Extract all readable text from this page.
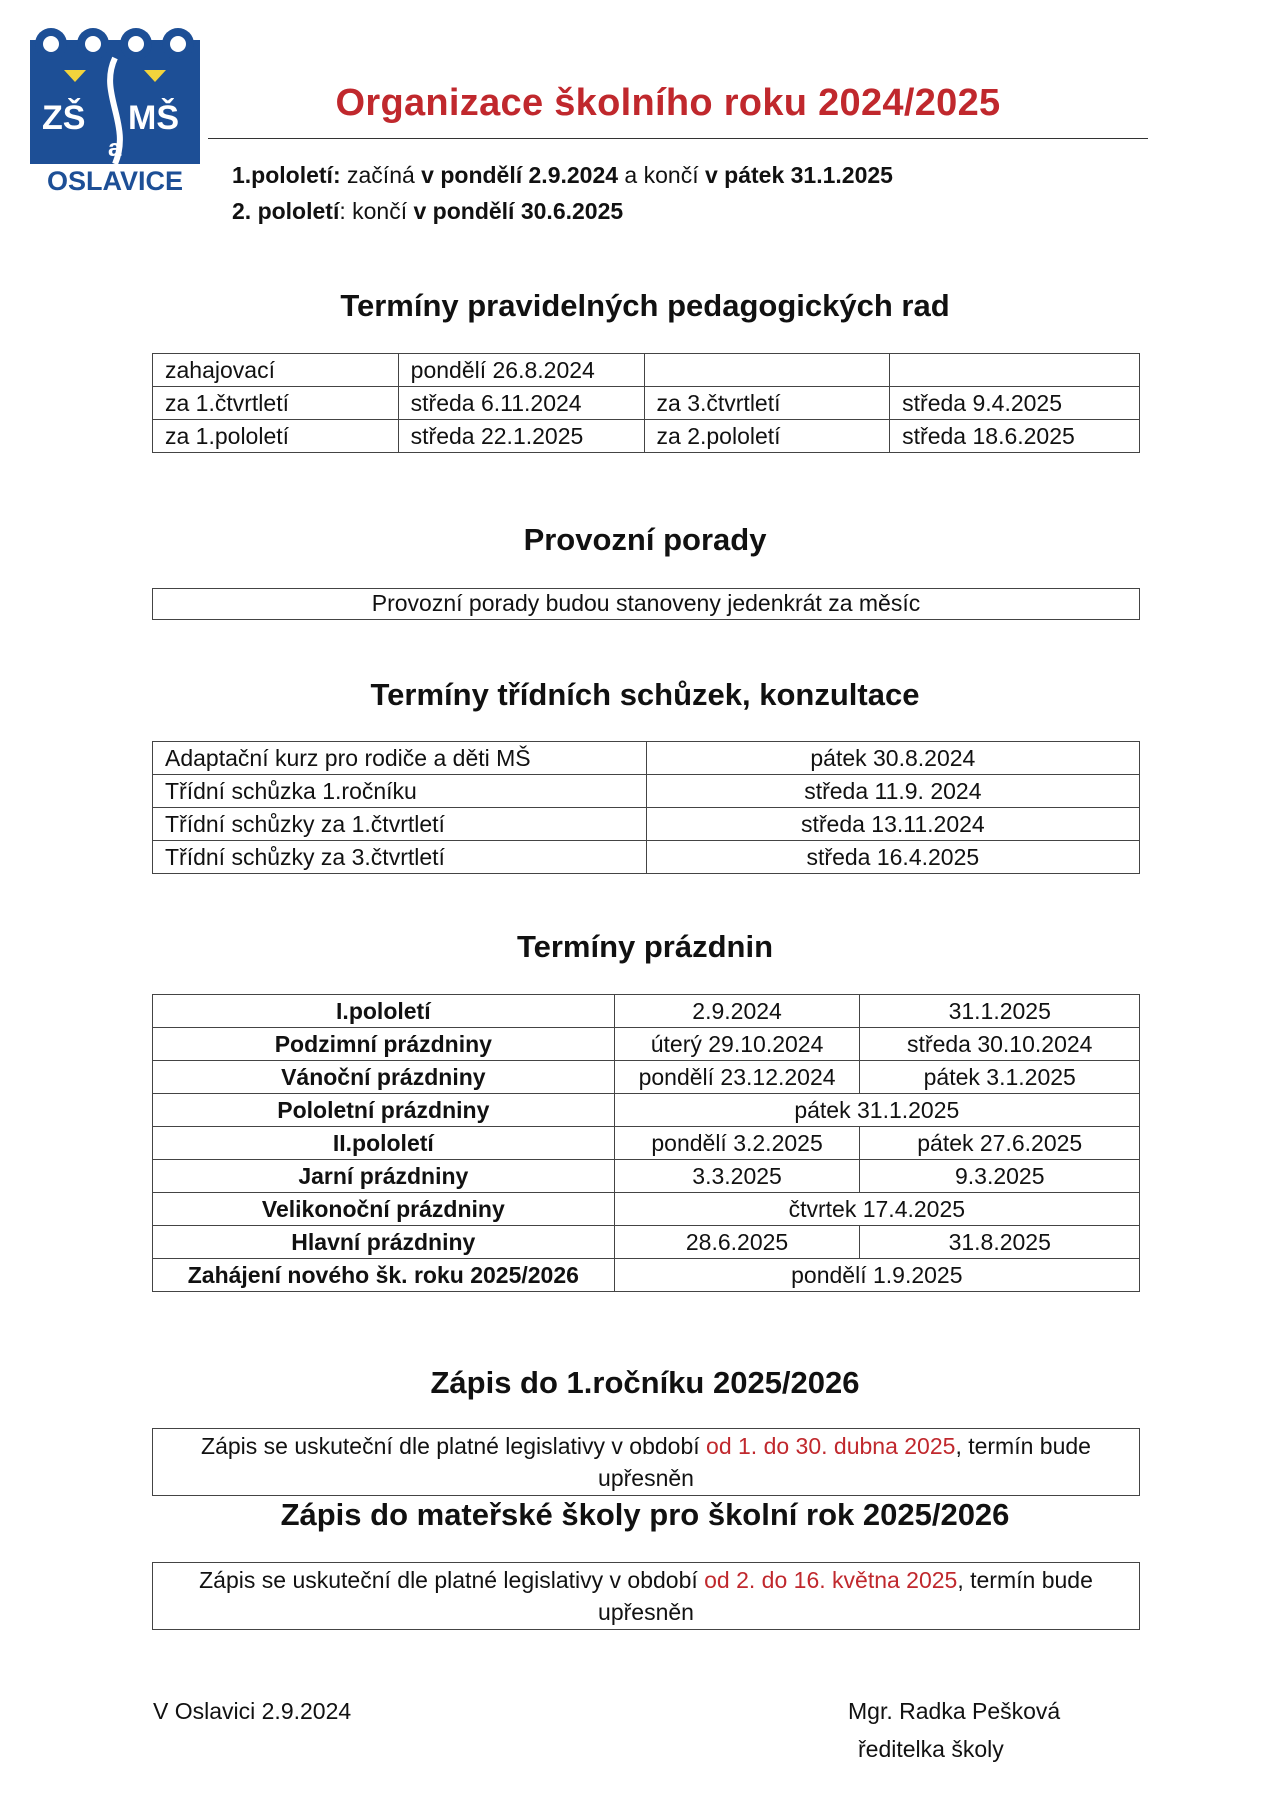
ZŠ MŠ
a
OSLAVICE
Organizace školního roku 2024/2025
1.pololetí: začíná v pondělí 2.9.2024 a končí v pátek 31.1.2025
2. pololetí: končí v pondělí 30.6.2025
Termíny pravidelných pedagogických rad
zahajovací	pondělí 26.8.2024		
za 1.čtvrtletí	středa 6.11.2024	za 3.čtvrtletí	středa 9.4.2025
za 1.pololetí	středa 22.1.2025	za 2.pololetí	středa 18.6.2025
Provozní porady
Provozní porady budou stanoveny jedenkrát za měsíc
Termíny třídních schůzek, konzultace
Adaptační kurz pro rodiče a děti MŠ	pátek 30.8.2024
Třídní schůzka 1.ročníku	středa 11.9. 2024
Třídní schůzky za 1.čtvrtletí	středa 13.11.2024
Třídní schůzky za 3.čtvrtletí	středa 16.4.2025
Termíny prázdnin
I.pololetí	2.9.2024	31.1.2025
Podzimní prázdniny	úterý 29.10.2024	středa 30.10.2024
Vánoční prázdniny	pondělí 23.12.2024	pátek 3.1.2025
Pololetní prázdniny	pátek 31.1.2025	
II.pololetí	pondělí 3.2.2025	pátek 27.6.2025
Jarní prázdniny	3.3.2025	9.3.2025
Velikonoční prázdniny	čtvrtek 17.4.2025	
Hlavní prázdniny	28.6.2025	31.8.2025
Zahájení nového šk. roku 2025/2026	pondělí 1.9.2025	
Zápis do 1.ročníku 2025/2026
Zápis se uskuteční dle platné legislativy v období od 1. do 30. dubna 2025, termín bude upřesněn
Zápis do mateřské školy pro školní rok 2025/2026
Zápis se uskuteční dle platné legislativy v období od 2. do 16. května 2025, termín bude upřesněn
V Oslavici 2.9.2024	Mgr. Radka Pešková
ředitelka školy
